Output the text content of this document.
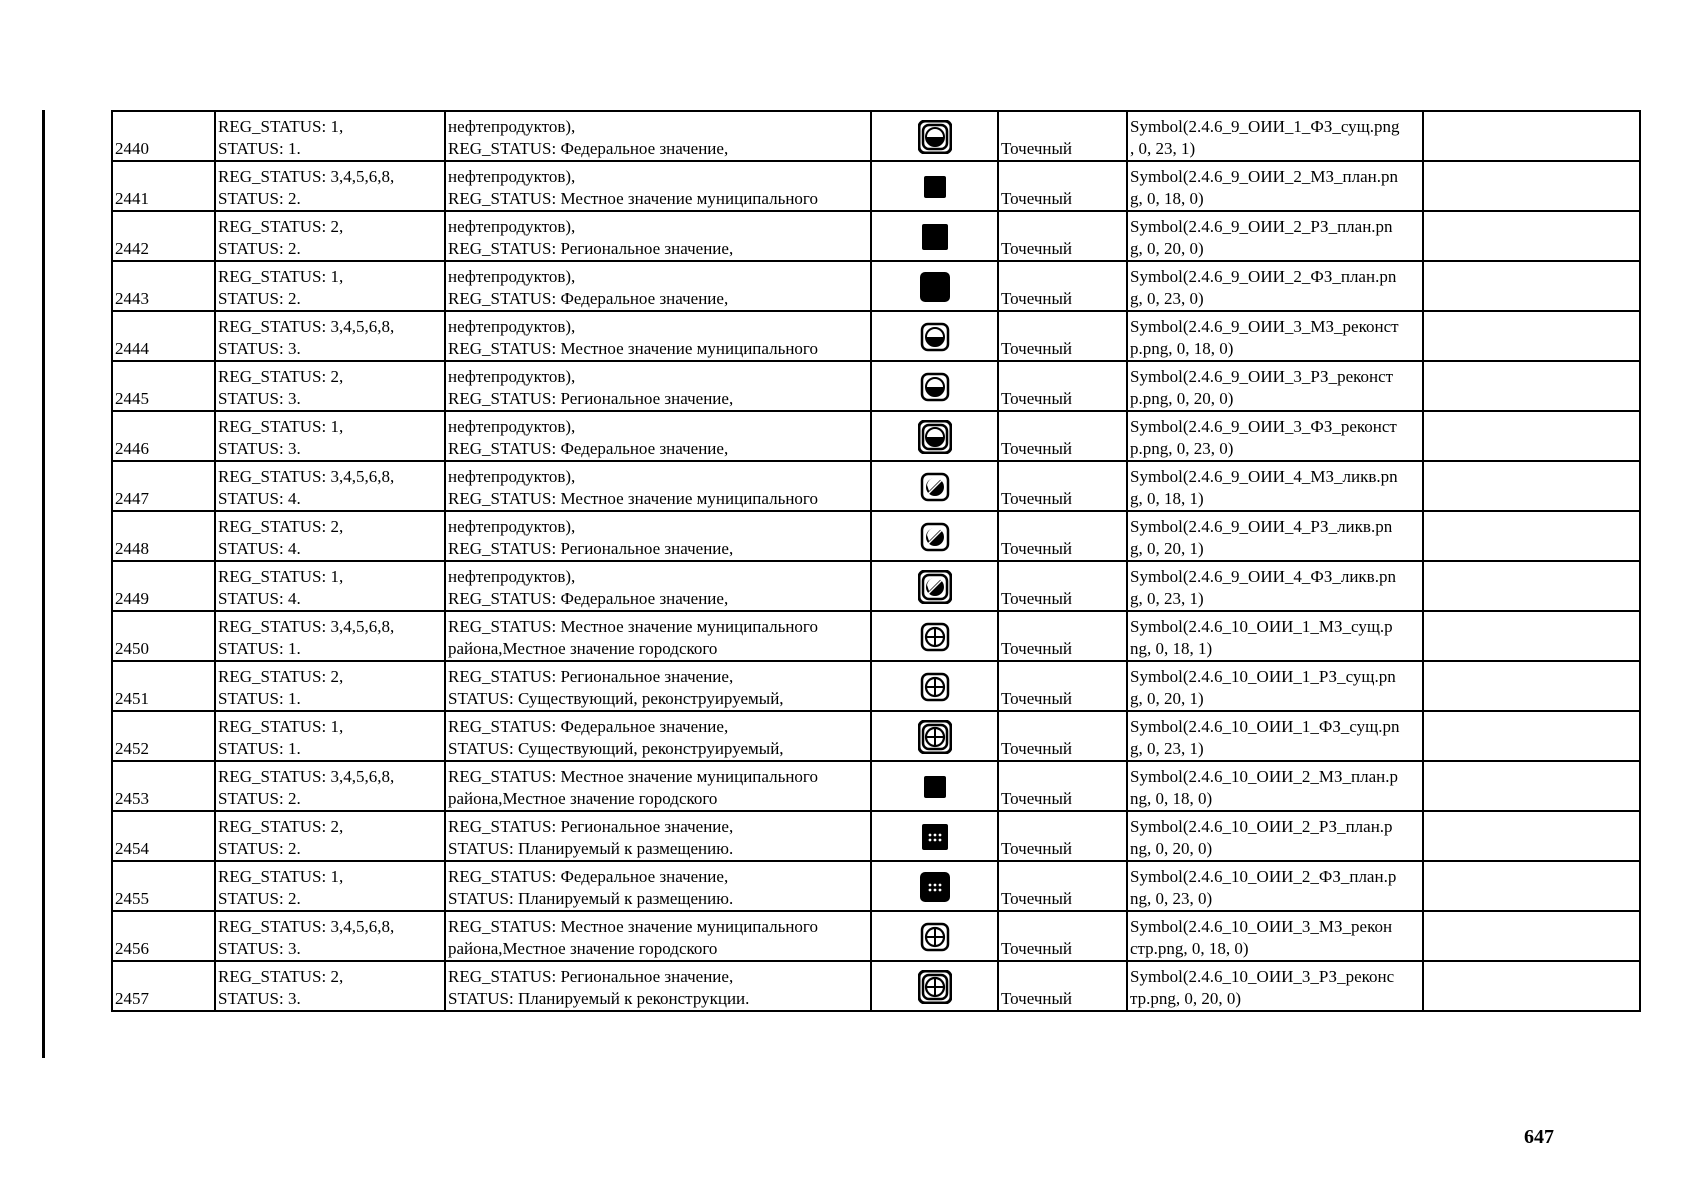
2440	REG_STATUS: 1,
STATUS: 1.	нефтепродуктов),
REG_STATUS: Федеральное значение,		Точечный	Symbol(2.4.6_9_ОИИ_1_ФЗ_сущ.png
, 0, 23, 1)	

2441	REG_STATUS: 3,4,5,6,8,
STATUS: 2.	нефтепродуктов),
REG_STATUS: Местное значение муниципального		Точечный	Symbol(2.4.6_9_ОИИ_2_МЗ_план.pn
g, 0, 18, 0)	

2442	REG_STATUS: 2,
STATUS: 2.	нефтепродуктов),
REG_STATUS: Региональное значение,		Точечный	Symbol(2.4.6_9_ОИИ_2_РЗ_план.pn
g, 0, 20, 0)	

2443	REG_STATUS: 1,
STATUS: 2.	нефтепродуктов),
REG_STATUS: Федеральное значение,		Точечный	Symbol(2.4.6_9_ОИИ_2_ФЗ_план.pn
g, 0, 23, 0)	

2444	REG_STATUS: 3,4,5,6,8,
STATUS: 3.	нефтепродуктов),
REG_STATUS: Местное значение муниципального		Точечный	Symbol(2.4.6_9_ОИИ_3_МЗ_реконст
р.png, 0, 18, 0)	

2445	REG_STATUS: 2,
STATUS: 3.	нефтепродуктов),
REG_STATUS: Региональное значение,		Точечный	Symbol(2.4.6_9_ОИИ_3_РЗ_реконст
р.png, 0, 20, 0)	

2446	REG_STATUS: 1,
STATUS: 3.	нефтепродуктов),
REG_STATUS: Федеральное значение,		Точечный	Symbol(2.4.6_9_ОИИ_3_ФЗ_реконст
р.png, 0, 23, 0)	

2447	REG_STATUS: 3,4,5,6,8,
STATUS: 4.	нефтепродуктов),
REG_STATUS: Местное значение муниципального		Точечный	Symbol(2.4.6_9_ОИИ_4_МЗ_ликв.pn
g, 0, 18, 1)	

2448	REG_STATUS: 2,
STATUS: 4.	нефтепродуктов),
REG_STATUS: Региональное значение,		Точечный	Symbol(2.4.6_9_ОИИ_4_РЗ_ликв.pn
g, 0, 20, 1)	

2449	REG_STATUS: 1,
STATUS: 4.	нефтепродуктов),
REG_STATUS: Федеральное значение,		Точечный	Symbol(2.4.6_9_ОИИ_4_ФЗ_ликв.pn
g, 0, 23, 1)	

2450	REG_STATUS: 3,4,5,6,8,
STATUS: 1.	REG_STATUS: Местное значение муниципального
района,Местное значение городского		Точечный	Symbol(2.4.6_10_ОИИ_1_МЗ_сущ.р
ng, 0, 18, 1)	

2451	REG_STATUS: 2,
STATUS: 1.	REG_STATUS: Региональное значение,
STATUS: Существующий, реконструируемый,		Точечный	Symbol(2.4.6_10_ОИИ_1_РЗ_сущ.pn
g, 0, 20, 1)	

2452	REG_STATUS: 1,
STATUS: 1.	REG_STATUS: Федеральное значение,
STATUS: Существующий, реконструируемый,		Точечный	Symbol(2.4.6_10_ОИИ_1_ФЗ_сущ.pn
g, 0, 23, 1)	

2453	REG_STATUS: 3,4,5,6,8,
STATUS: 2.	REG_STATUS: Местное значение муниципального
района,Местное значение городского		Точечный	Symbol(2.4.6_10_ОИИ_2_МЗ_план.р
ng, 0, 18, 0)	

2454	REG_STATUS: 2,
STATUS: 2.	REG_STATUS: Региональное значение,
STATUS: Планируемый к размещению.		Точечный	Symbol(2.4.6_10_ОИИ_2_РЗ_план.р
ng, 0, 20, 0)	

2455	REG_STATUS: 1,
STATUS: 2.	REG_STATUS: Федеральное значение,
STATUS: Планируемый к размещению.		Точечный	Symbol(2.4.6_10_ОИИ_2_ФЗ_план.р
ng, 0, 23, 0)	

2456	REG_STATUS: 3,4,5,6,8,
STATUS: 3.	REG_STATUS: Местное значение муниципального
района,Местное значение городского		Точечный	Symbol(2.4.6_10_ОИИ_3_МЗ_рекон
стр.png, 0, 18, 0)	

2457	REG_STATUS: 2,
STATUS: 3.	REG_STATUS: Региональное значение,
STATUS: Планируемый к реконструкции.		Точечный	Symbol(2.4.6_10_ОИИ_3_РЗ_реконс
тр.png, 0, 20, 0)	

647
